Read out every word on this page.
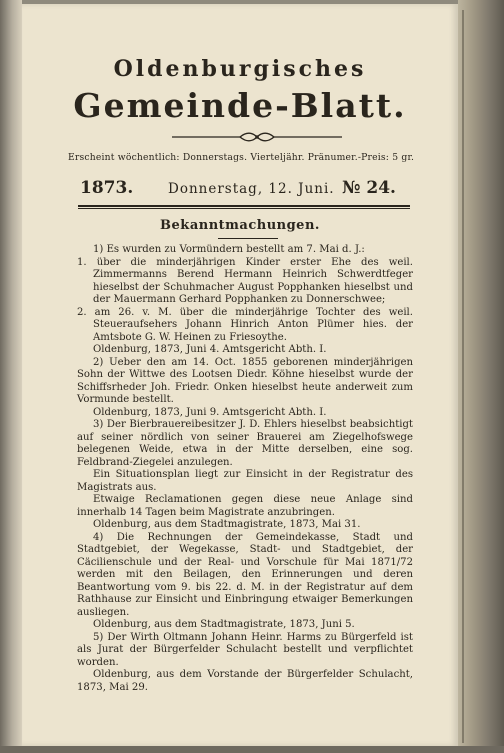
Oldenburgisches
Gemeinde-Blatt.
Erscheint wöchentlich: Donnerstags. Vierteljähr. Pränumer.-Preis: 5 gr.
1873.	Donnerstag, 12. Juni. № 24.
Bekanntmachungen.

1) Es wurden zu Vormündern bestellt am 7. Mai d. J.:

1. über die minderjährigen Kinder erster Ehe des weil. Zimmermanns Berend Hermann Heinrich Schwerdtfeger hieselbst der Schuhmacher August Popphanken hieselbst und der Mauermann Gerhard Popphanken zu Donnerschwee;

2. am 26. v. M. über die minderjährige Tochter des weil. Steueraufsehers Johann Hinrich Anton Plümer hies. der Amtsbote G. W. Heinen zu Friesoythe.

Oldenburg, 1873, Juni 4. Amtsgericht Abth. I.

2) Ueber den am 14. Oct. 1855 geborenen minderjährigen Sohn der Wittwe des Lootsen Diedr. Köhne hieselbst wurde der Schiffsrheder Joh. Friedr. Onken hieselbst heute anderweit zum Vormunde bestellt.

Oldenburg, 1873, Juni 9. Amtsgericht Abth. I.

3) Der Bierbrauereibesitzer J. D. Ehlers hieselbst beabsichtigt auf seiner nördlich von seiner Brauerei am Ziegelhofswege belegenen Weide, etwa in der Mitte derselben, eine sog. Feldbrand-Ziegelei anzulegen.

Ein Situationsplan liegt zur Einsicht in der Registratur des Magistrats aus.

Etwaige Reclamationen gegen diese neue Anlage sind innerhalb 14 Tagen beim Magistrate anzubringen.

Oldenburg, aus dem Stadtmagistrate, 1873, Mai 31.

4) Die Rechnungen der Gemeindekasse, Stadt und Stadtgebiet, der Wegekasse, Stadt- und Stadtgebiet, der Cäcilienschule und der Real- und Vorschule für Mai 1871/72 werden mit den Beilagen, den Erinnerungen und deren Beantwortung vom 9. bis 22. d. M. in der Registratur auf dem Rathhause zur Einsicht und Einbringung etwaiger Bemerkungen ausliegen.

Oldenburg, aus dem Stadtmagistrate, 1873, Juni 5.

5) Der Wirth Oltmann Johann Heinr. Harms zu Bürgerfeld ist als Jurat der Bürgerfelder Schulacht bestellt und verpflichtet worden.

Oldenburg, aus dem Vorstande der Bürgerfelder Schulacht, 1873, Mai 29.
